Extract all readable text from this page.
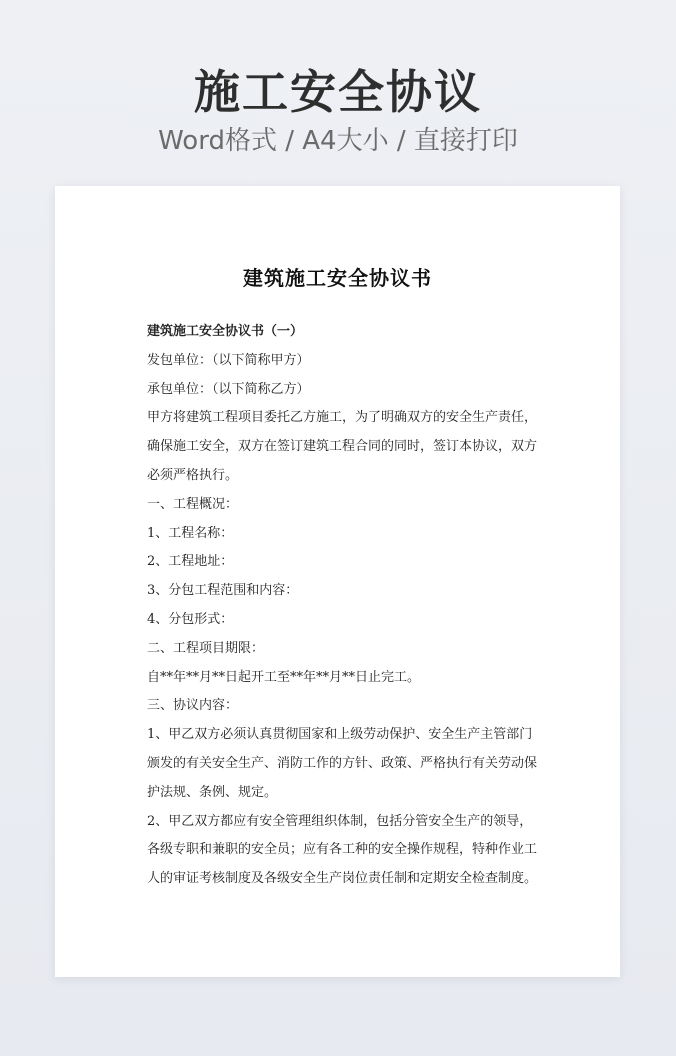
施工安全协议
Word格式 / A4大小 / 直接打印
建筑施工安全协议书
建筑施工安全协议书（一）
发包单位：（以下简称甲方）
承包单位：（以下简称乙方）
甲方将建筑工程项目委托乙方施工，为了明确双方的安全生产责任，
确保施工安全，双方在签订建筑工程合同的同时，签订本协议，双方
必须严格执行。
一、工程概况：
1、工程名称：
2、工程地址：
3、分包工程范围和内容：
4、分包形式：
二、工程项目期限：
自**年**月**日起开工至**年**月**日止完工。
三、协议内容：
1、甲乙双方必须认真贯彻国家和上级劳动保护、安全生产主管部门
颁发的有关安全生产、消防工作的方针、政策、严格执行有关劳动保
护法规、条例、规定。
2、甲乙双方都应有安全管理组织体制，包括分管安全生产的领导，
各级专职和兼职的安全员；应有各工种的安全操作规程，特种作业工
人的审证考核制度及各级安全生产岗位责任制和定期安全检查制度。
